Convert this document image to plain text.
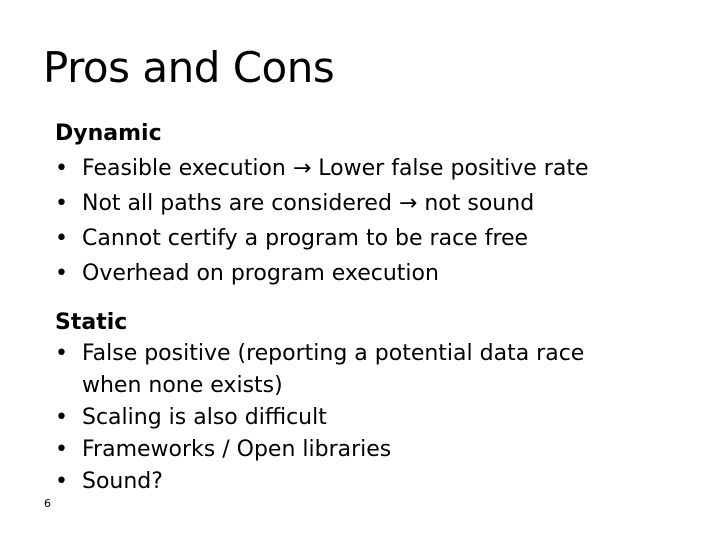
Pros and Cons
Dynamic
• Feasible execution → Lower false positive rate
• Not all paths are considered → not sound
• Cannot certify a program to be race free
• Overhead on program execution
Static
• False positive (reporting a potential data race when none exists)
• Scaling is also difficult
• Frameworks / Open libraries
• Sound?
6
